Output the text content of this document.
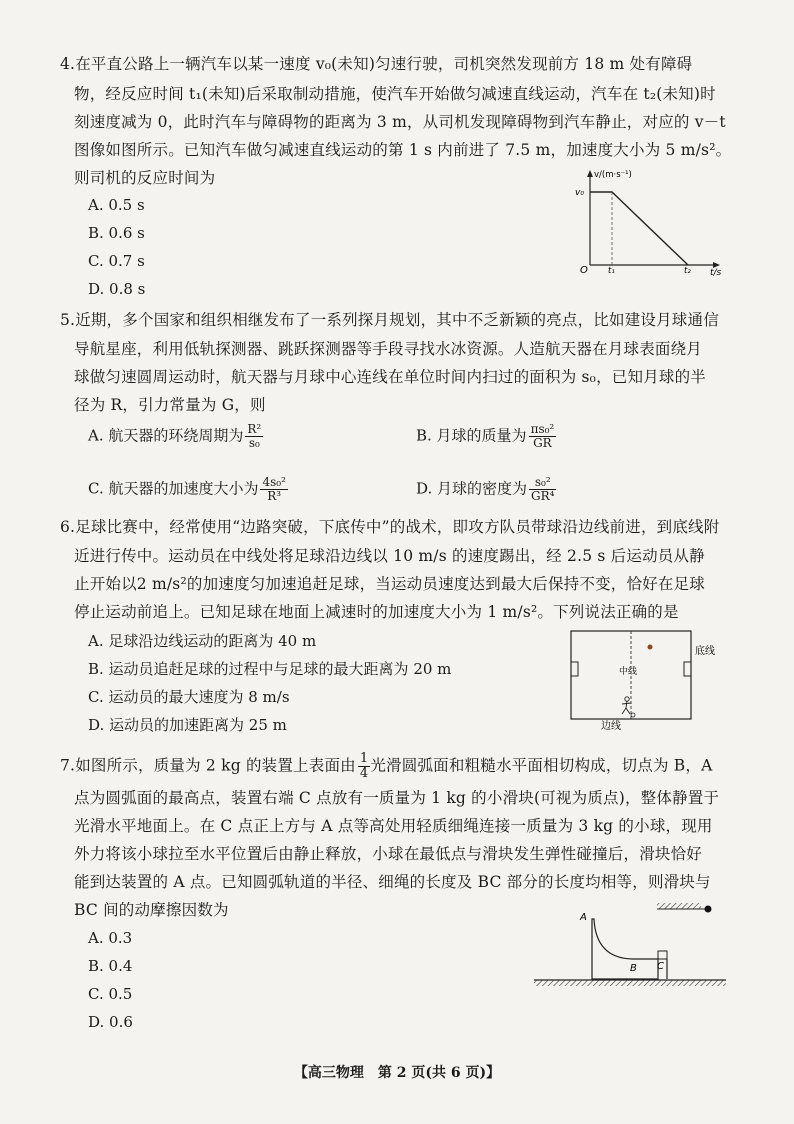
4.在平直公路上一辆汽车以某一速度 v₀(未知)匀速行驶，司机突然发现前方 18 m 处有障碍
物，经反应时间 t₁(未知)后采取制动措施，使汽车开始做匀减速直线运动，汽车在 t₂(未知)时
刻速度减为 0，此时汽车与障碍物的距离为 3 m，从司机发现障碍物到汽车静止，对应的 v－t
图像如图所示。已知汽车做匀减速直线运动的第 1 s 内前进了 7.5 m，加速度大小为 5 m/s²。
则司机的反应时间为
A. 0.5 s
B. 0.6 s
C. 0.7 s
D. 0.8 s
v/(m·s⁻¹)
v₀
O t₁	t₂ t/s
5.近期，多个国家和组织相继发布了一系列探月规划，其中不乏新颖的亮点，比如建设月球通信
导航星座，利用低轨探测器、跳跃探测器等手段寻找水冰资源。人造航天器在月球表面绕月
球做匀速圆周运动时，航天器与月球中心连线在单位时间内扫过的面积为 s₀，已知月球的半
径为 R，引力常量为 G，则
A. 航天器的环绕周期为 $\frac{\text{R²}}{\text{s₀}}$	B. 月球的质量为 $\frac{\text{πs₀²}}{GR}$
C. 航天器的加速度大小为 $\frac{\text{4s₀²}}{\text{R³}}$	D. 月球的密度为 $\frac{\text{s₀²}}{\text{GR⁴}}$
6.足球比赛中，经常使用“边路突破，下底传中”的战术，即攻方队员带球沿边线前进，到底线附
近进行传中。运动员在中线处将足球沿边线以 10 m/s 的速度踢出，经 2.5 s 后运动员从静
止开始以2 m/s²的加速度匀加速追赶足球，当运动员速度达到最大后保持不变，恰好在足球
停止运动前追上。已知足球在地面上减速时的加速度大小为 1 m/s²。下列说法正确的是
A. 足球沿边线运动的距离为 40 m
B. 运动员追赶足球的过程中与足球的最大距离为 20 m
C. 运动员的最大速度为 8 m/s
D. 运动员的加速距离为 25 m
底线
中线
边线
7.如图所示，质量为 2 kg 的装置上表面由 $\frac{1}{4}$ 光滑圆弧面和粗糙水平面相切构成，切点为 B，A
点为圆弧面的最高点，装置右端 C 点放有一质量为 1 kg 的小滑块(可视为质点)，整体静置于
光滑水平地面上。在 C 点正上方与 A 点等高处用轻质细绳连接一质量为 3 kg 的小球，现用
外力将该小球拉至水平位置后由静止释放，小球在最低点与滑块发生弹性碰撞后，滑块恰好
能到达装置的 A 点。已知圆弧轨道的半径、细绳的长度及 BC 部分的长度均相等，则滑块与
BC 间的动摩擦因数为
A. 0.3
B. 0.4
C. 0.5
D. 0.6
A
B C
【高三物理　第 2 页(共 6 页)】
